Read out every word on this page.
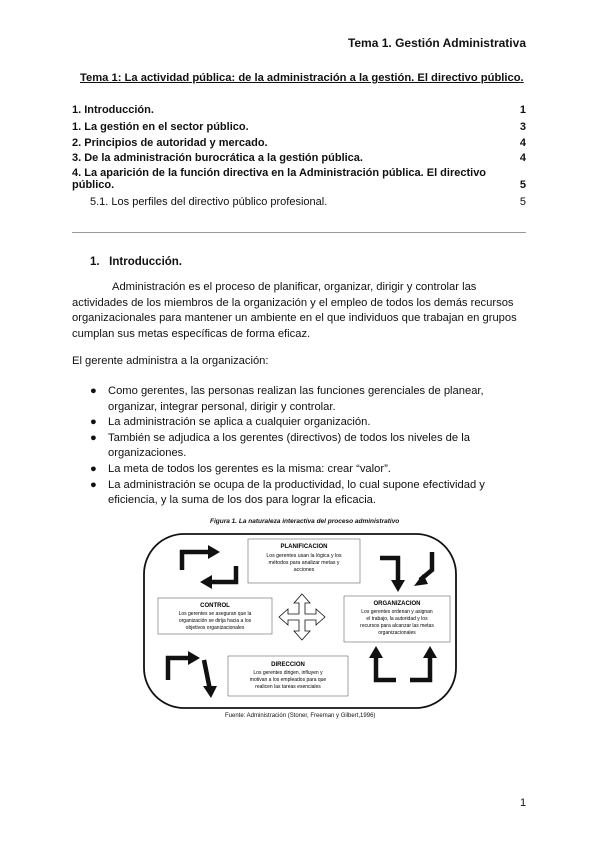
Tema 1. Gestión Administrativa
Tema 1: La actividad pública: de la administración a la gestión. El directivo público.
1. Introducción.	1
1. La gestión en el sector público.	3
2. Principios de autoridad y mercado.	4
3. De la administración burocrática a la gestión pública.	4
4. La aparición de la función directiva en la Administración pública. El directivo
público.	5
5.1. Los perfiles del directivo público profesional.	5
1.   Introducción.
Administración es el proceso de planificar, organizar, dirigir y controlar las
actividades de los miembros de la organización y el empleo de todos los demás recursos
organizacionales para mantener un ambiente en el que individuos que trabajan en grupos
cumplan sus metas específicas de forma eficaz.
El gerente administra a la organización:
● Como gerentes, las personas realizan las funciones gerenciales de planear,
organizar, integrar personal, dirigir y controlar.
● La administración se aplica a cualquier organización.
● También se adjudica a los gerentes (directivos) de todos los niveles de la
organizaciones.
● La meta de todos los gerentes es la misma: crear “valor”.
● La administración se ocupa de la productividad, lo cual supone efectividad y
eficiencia, y la suma de los dos para lograr la eficacia.
Figura 1. La naturaleza interactiva del proceso administrativo
PLANIFICACION
Los gerentes usan la lógica y los
métodos para analizar metas y
acciones
CONTROL
Los gerentes se aseguran que la
organización se dirija hacia a los
objetivos organizacionales
ORGANIZACION
Los gerentes ordenan y asignan
el trabajo, la autoridad y los
recursos para alcanzar las metas
organizacionales
DIRECCION
Los gerentes dirigen, influyen y
motivan a los empleados para que
realicen las tareas esenciales
Fuente: Administración (Stoner, Freeman y Gilbert,1996)
1
